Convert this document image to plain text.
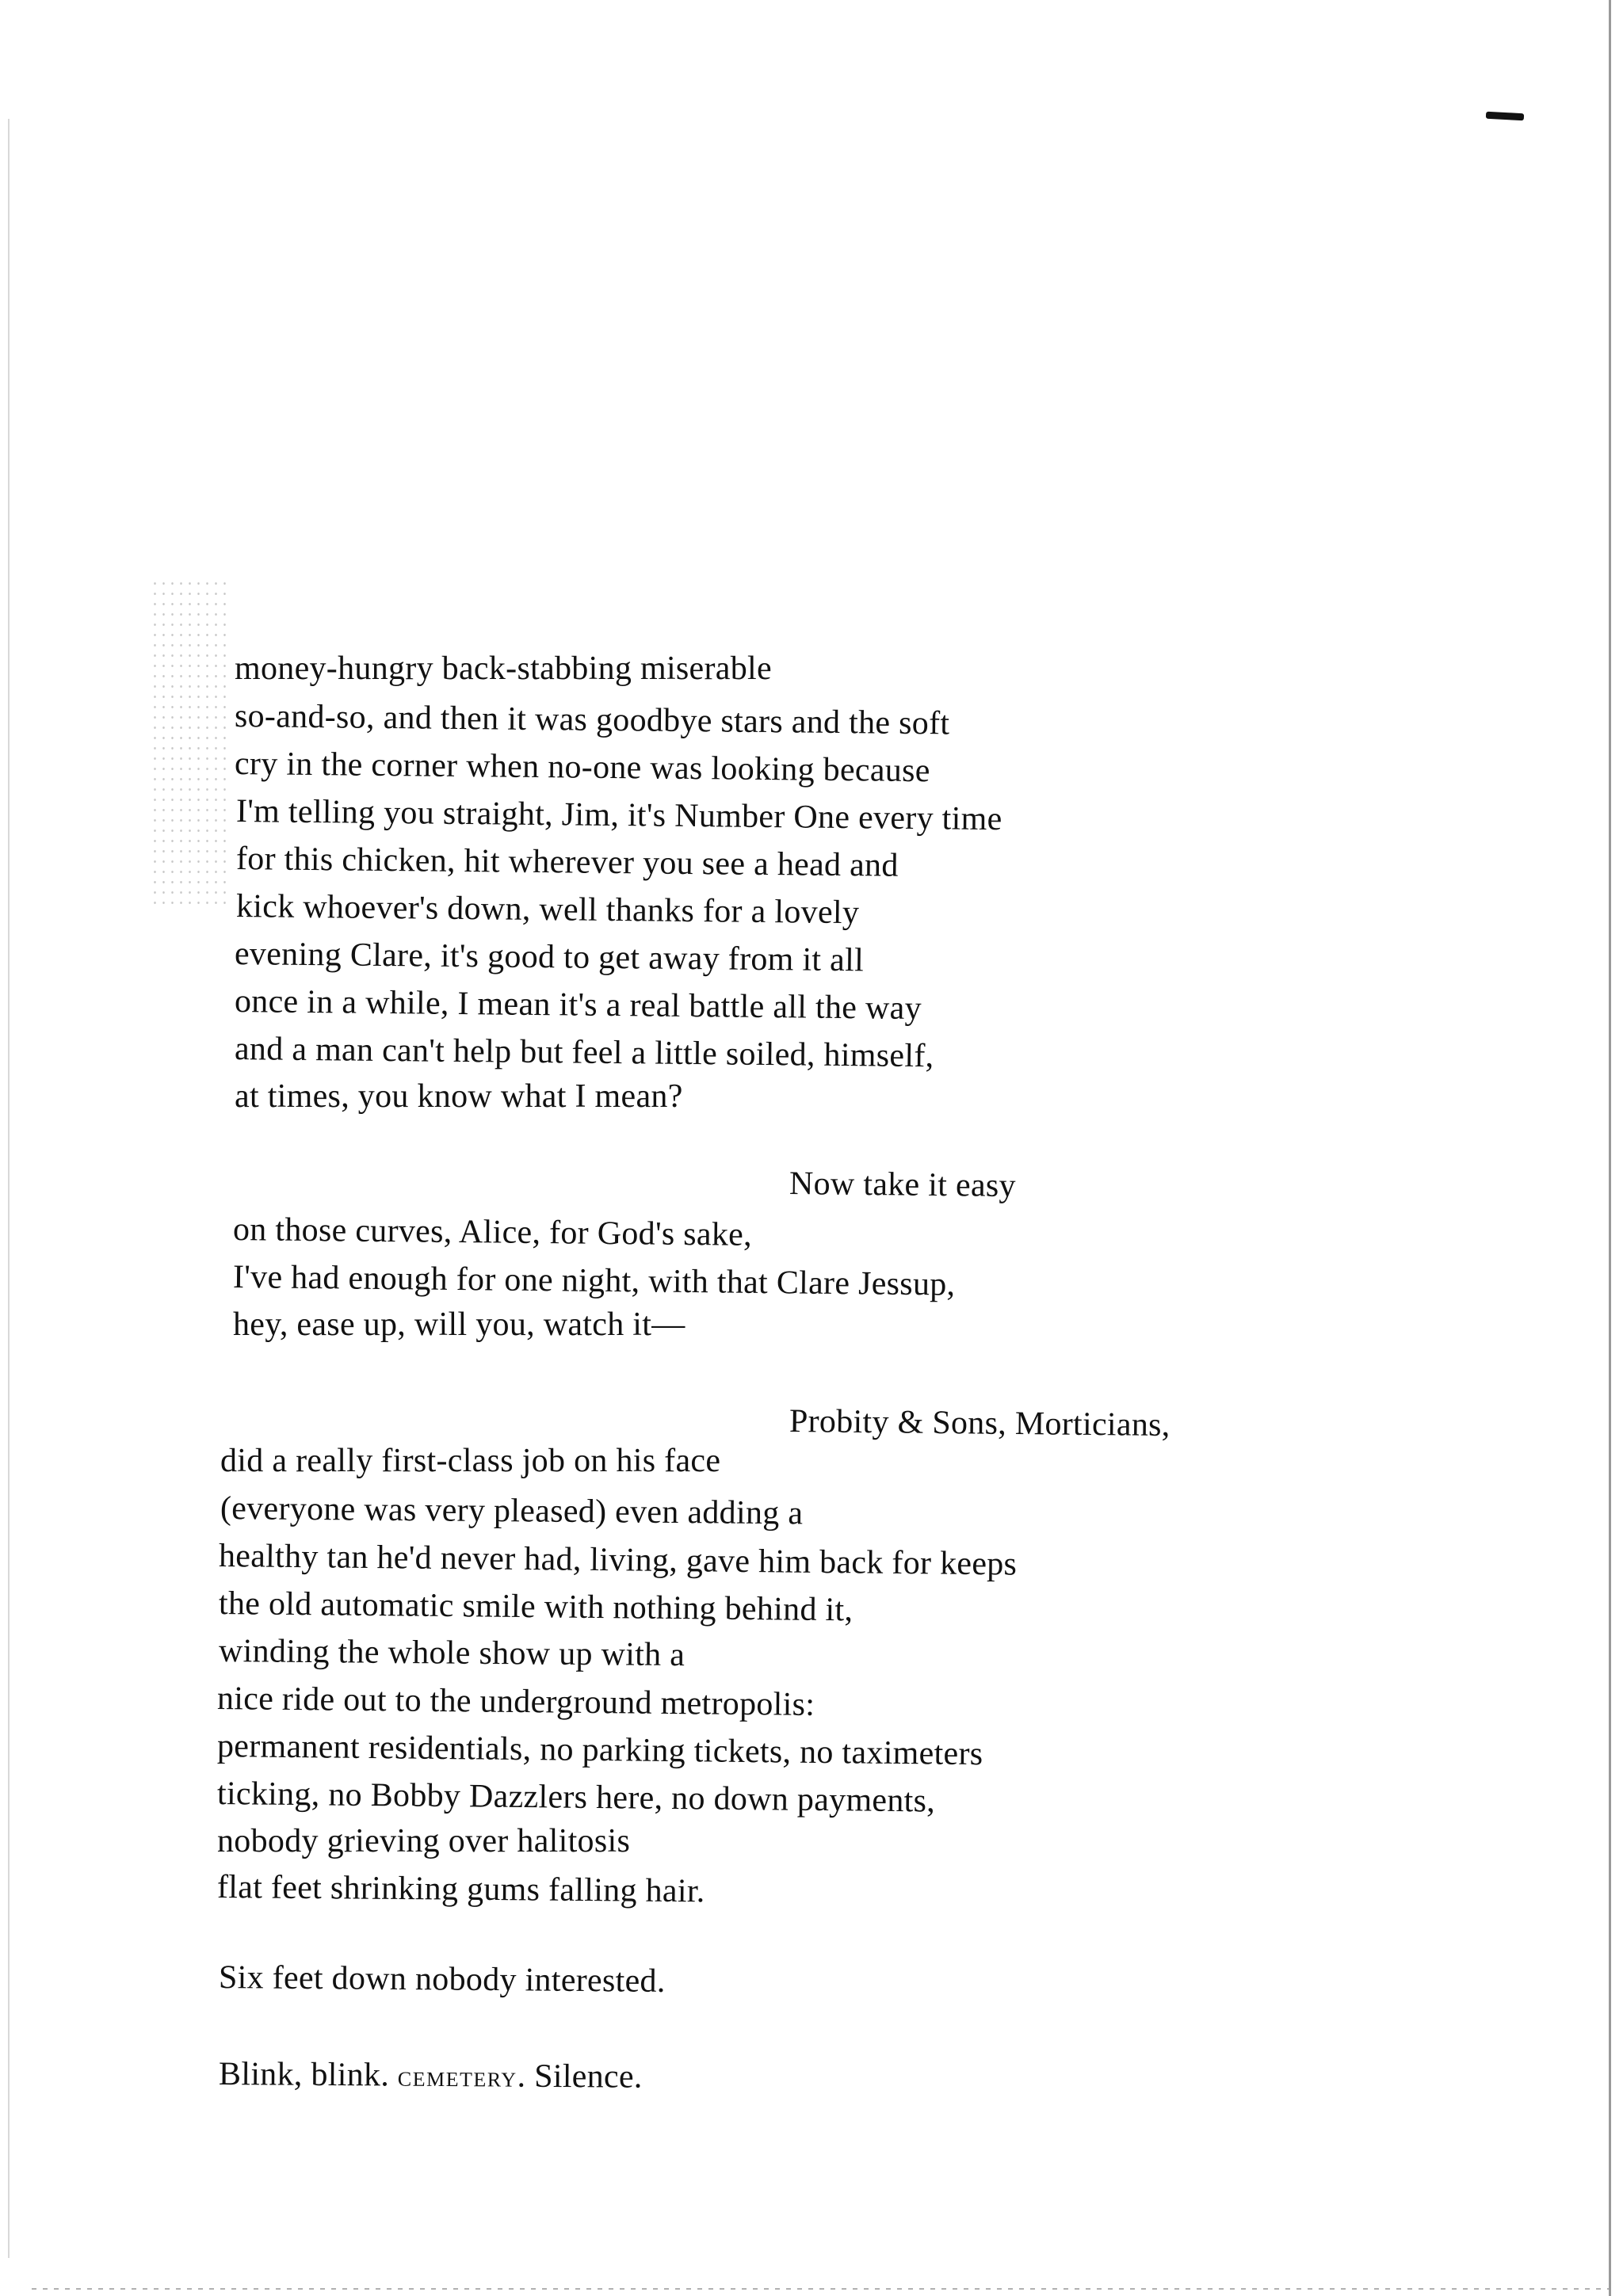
money-hungry back-stabbing miserable
so-and-so, and then it was goodbye stars and the soft
cry in the corner when no-one was looking because
I'm telling you straight, Jim, it's Number One every time
for this chicken, hit wherever you see a head and
kick whoever's down, well thanks for a lovely
evening Clare, it's good to get away from it all
once in a while, I mean it's a real battle all the way
and a man can't help but feel a little soiled, himself,
at times, you know what I mean?
Now take it easy
on those curves, Alice, for God's sake,
I've had enough for one night, with that Clare Jessup,
hey, ease up, will you, watch it—
Probity & Sons, Morticians,
did a really first-class job on his face
(everyone was very pleased) even adding a
healthy tan he'd never had, living, gave him back for keeps
the old automatic smile with nothing behind it,
winding the whole show up with a
nice ride out to the underground metropolis:
permanent residentials, no parking tickets, no taximeters
ticking, no Bobby Dazzlers here, no down payments,
nobody grieving over halitosis
flat feet shrinking gums falling hair.
Six feet down nobody interested.
Blink, blink. cemetery. Silence.
